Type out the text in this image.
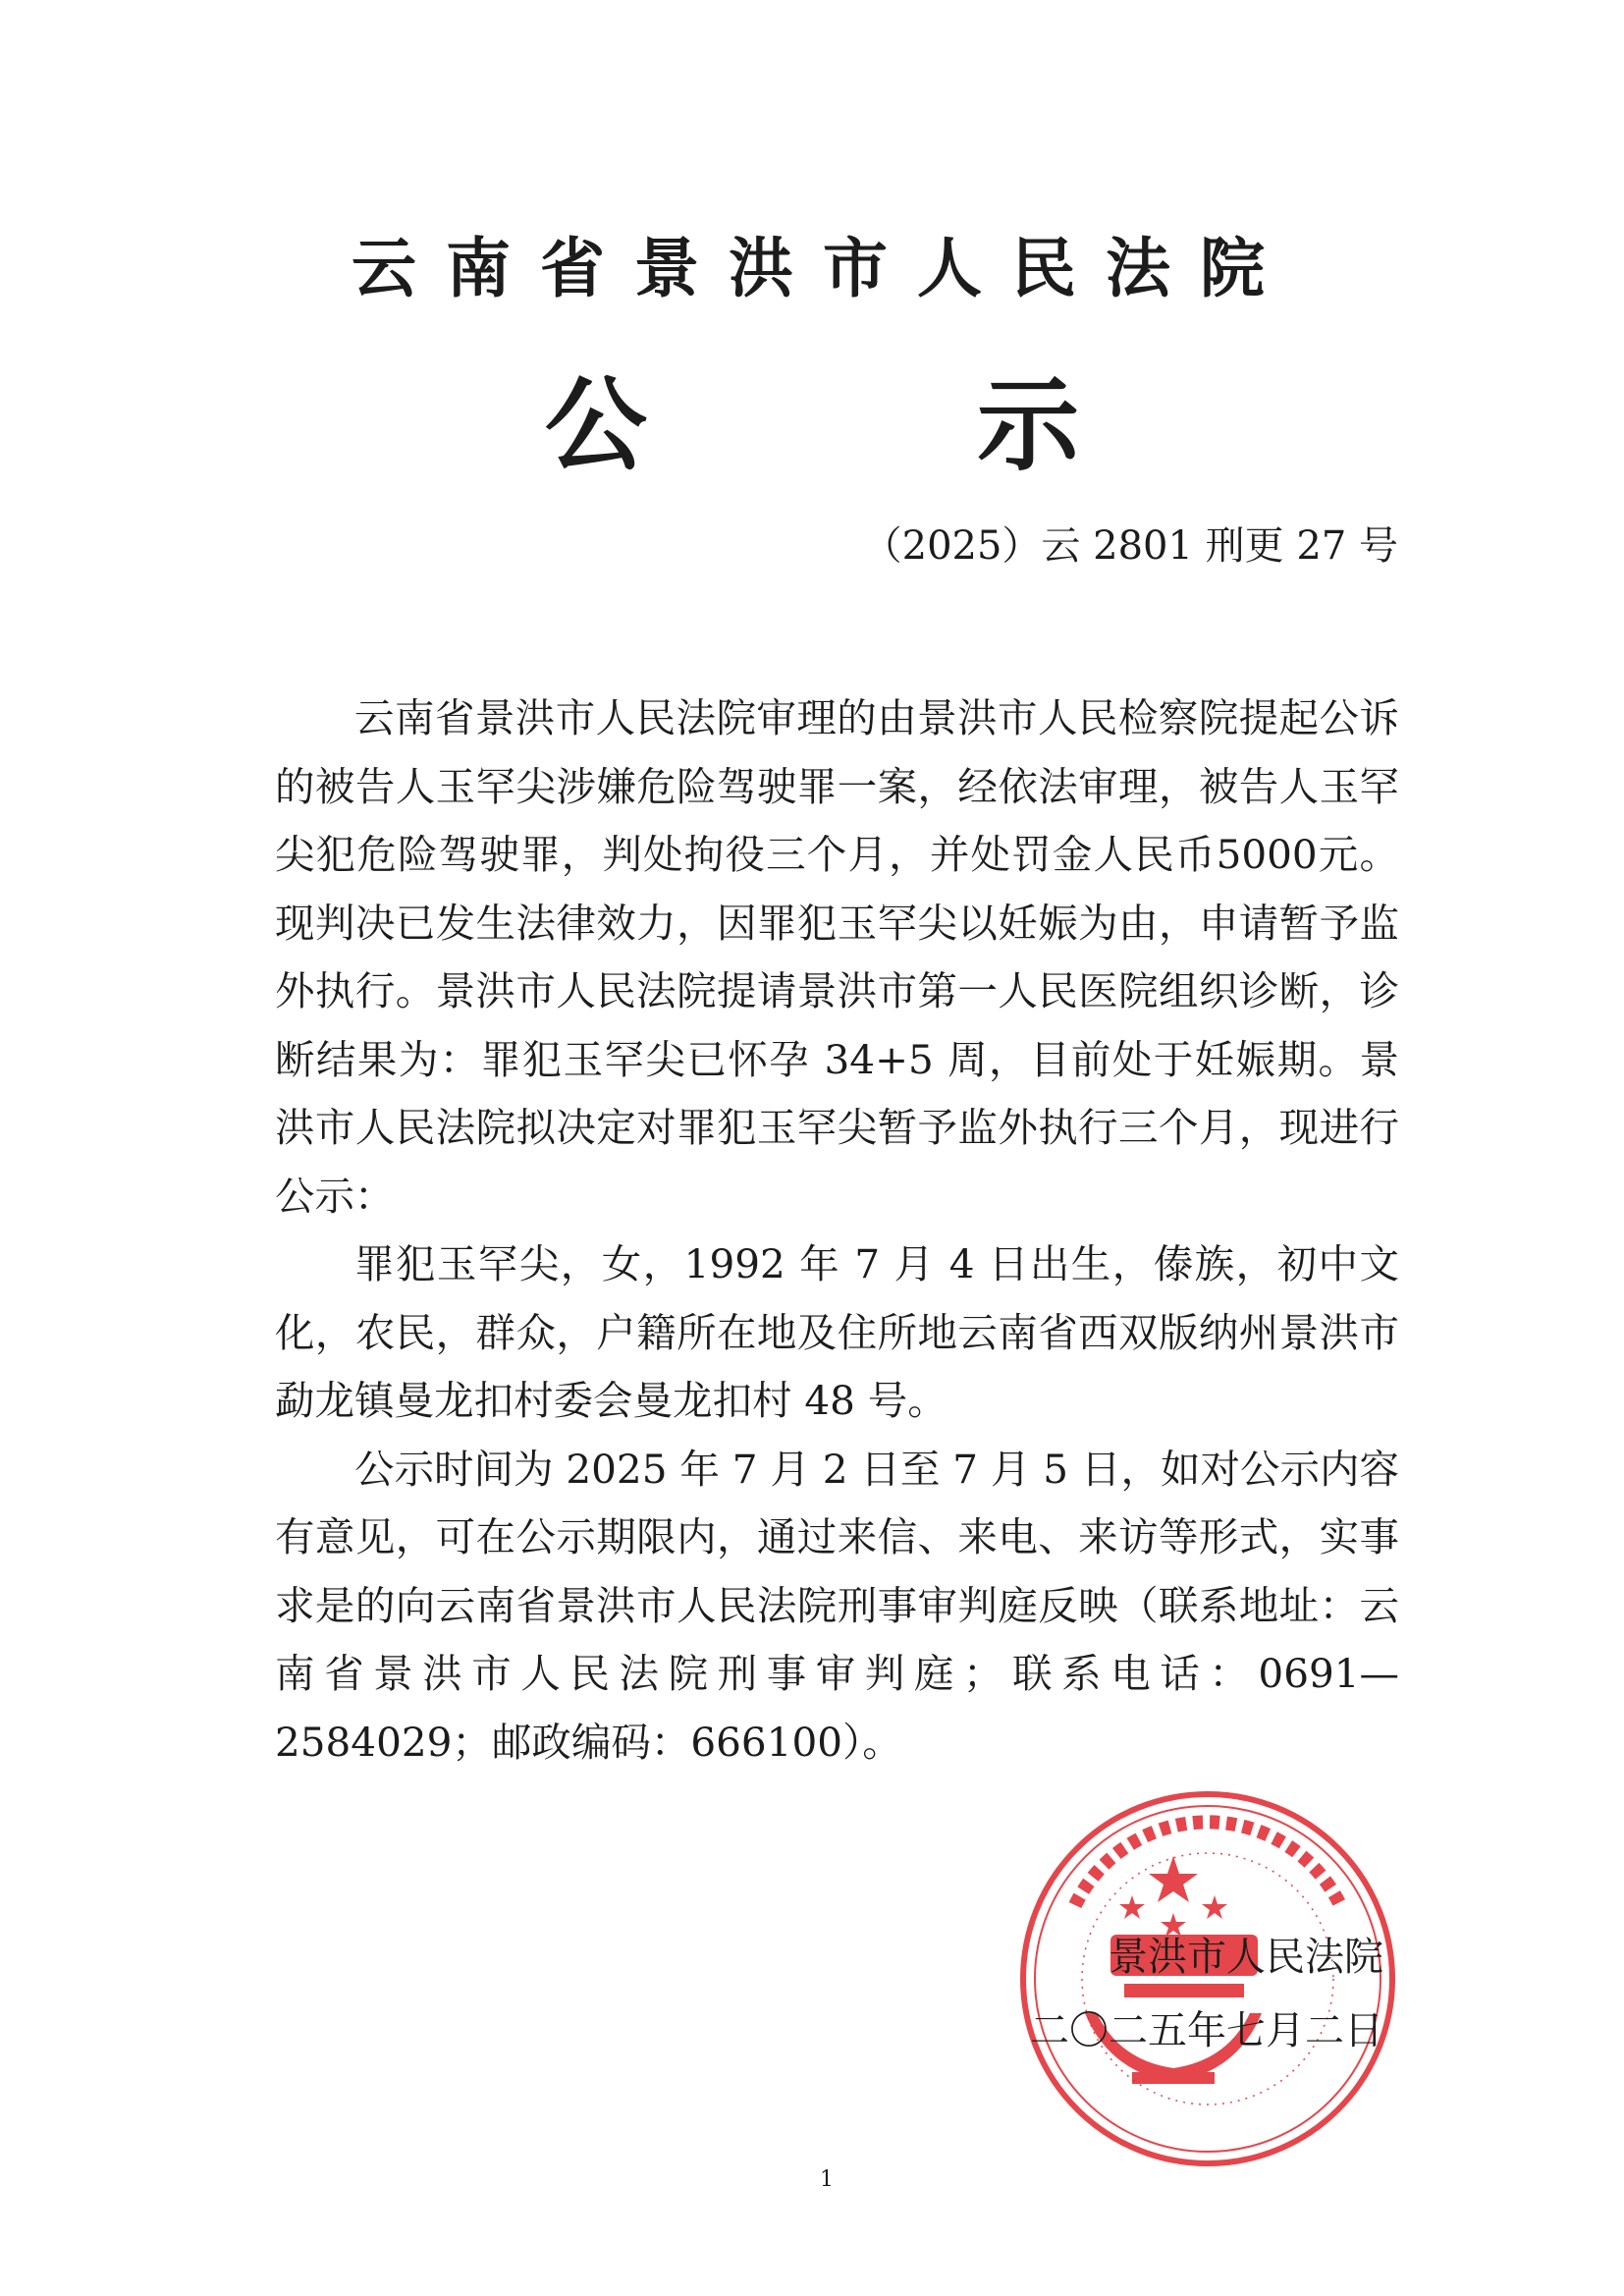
云南省景洪市人民法院
公 示
（2025）云 2801 刑更 27 号

云南省景洪市人民法院审理的由景洪市人民检察院提起公诉的被告人玉罕尖涉嫌危险驾驶罪一案，经依法审理，被告人玉罕尖犯危险驾驶罪，判处拘役三个月，并处罚金人民币5000元。现判决已发生法律效力，因罪犯玉罕尖以妊娠为由，申请暂予监外执行。景洪市人民法院提请景洪市第一人民医院组织诊断，诊断结果为：罪犯玉罕尖已怀孕 34+5 周，目前处于妊娠期。景洪市人民法院拟决定对罪犯玉罕尖暂予监外执行三个月，现进行公示：

罪犯玉罕尖，女，1992 年 7 月 4 日出生，傣族，初中文化，农民，群众，户籍所在地及住所地云南省西双版纳州景洪市勐龙镇曼龙扣村委会曼龙扣村 48 号。

公示时间为 2025 年 7 月 2 日至 7 月 5 日，如对公示内容有意见，可在公示期限内，通过来信、来电、来访等形式，实事求是的向云南省景洪市人民法院刑事审判庭反映（联系地址：云南省景洪市人民法院刑事审判庭；联系电话：0691—2584029；邮政编码：666100）。

景洪市人民法院
二〇二五年七月二日
1
